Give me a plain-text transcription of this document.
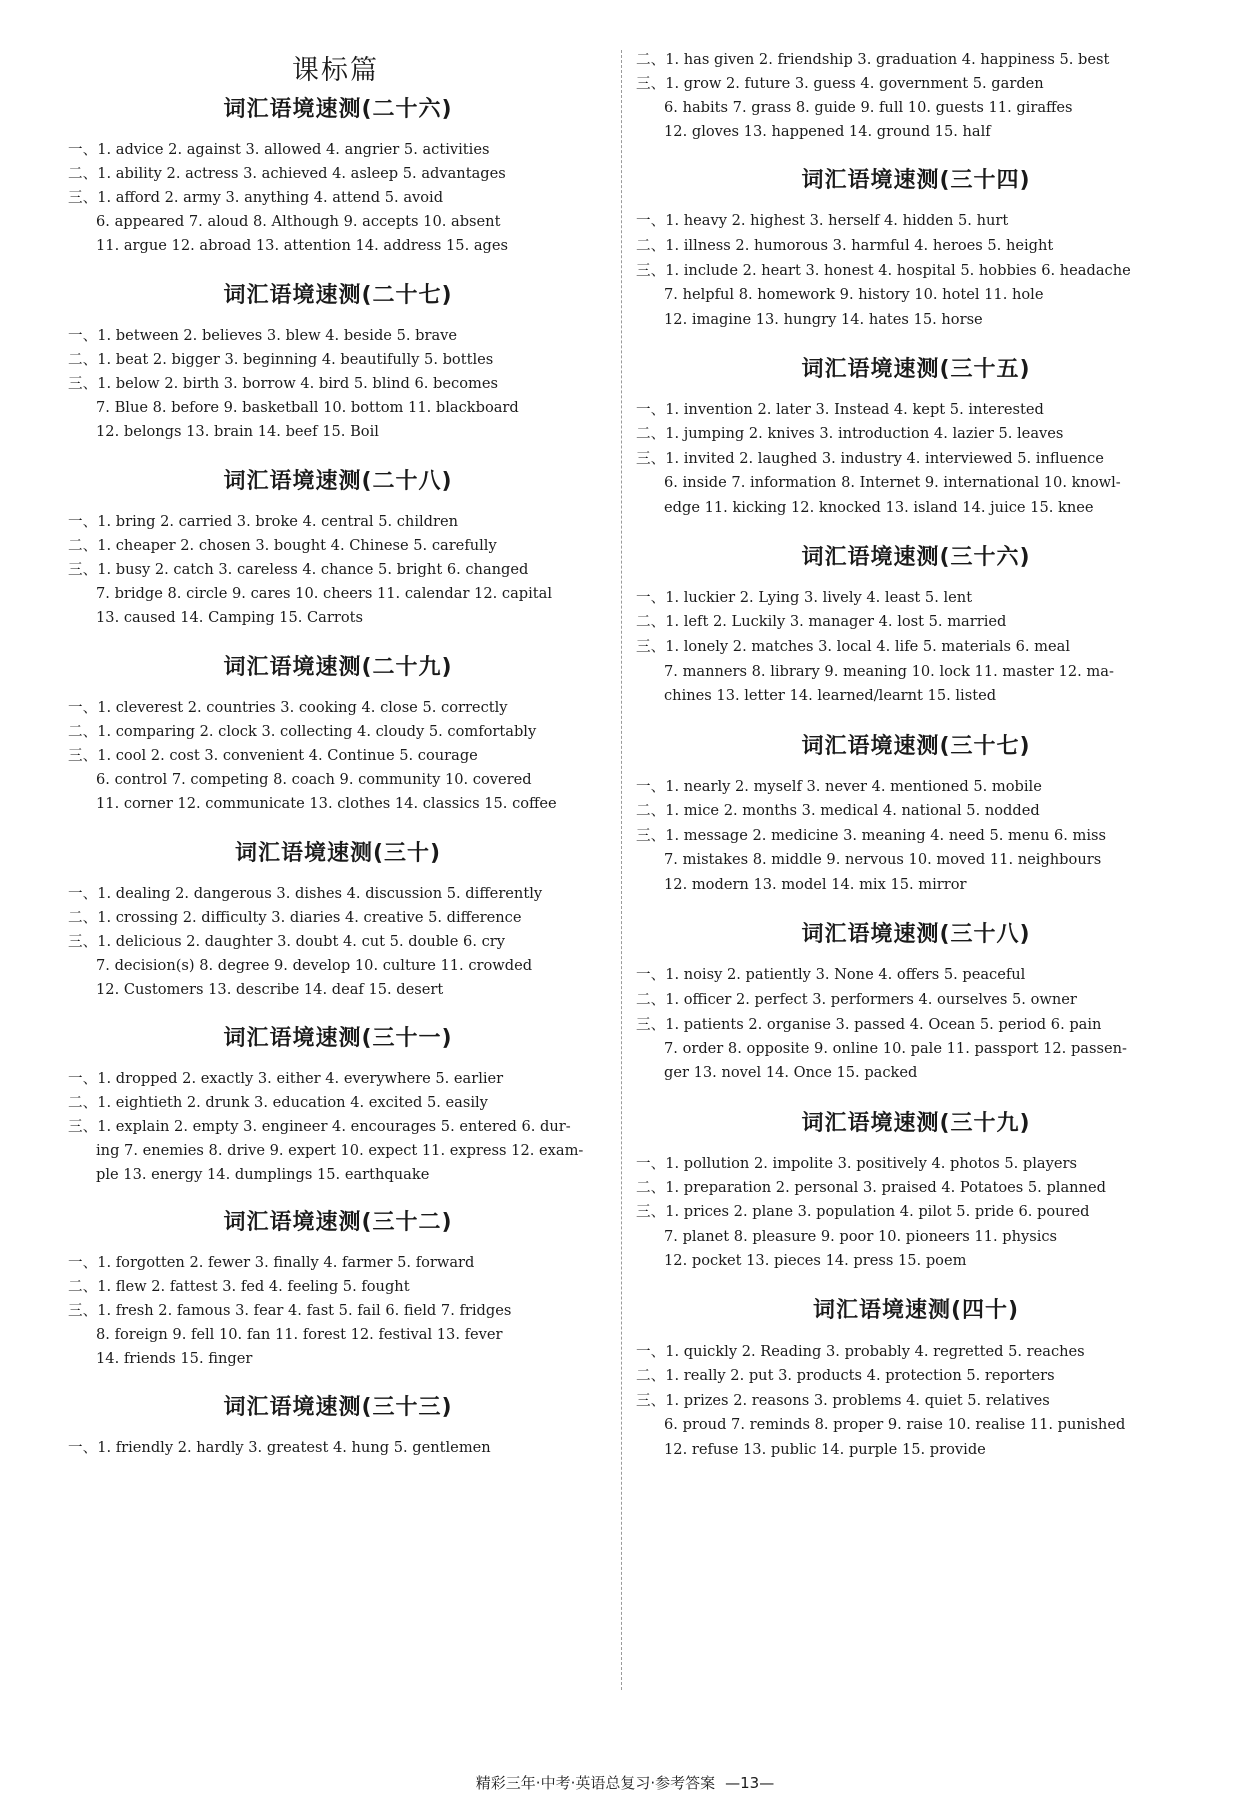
课标篇
词汇语境速测(二十六)
一、1. advice 2. against 3. allowed 4. angrier 5. activities
二、1. ability 2. actress 3. achieved 4. asleep 5. advantages
三、1. afford 2. army 3. anything 4. attend 5. avoid
6. appeared 7. aloud 8. Although 9. accepts 10. absent
11. argue 12. abroad 13. attention 14. address 15. ages
词汇语境速测(二十七)
一、1. between 2. believes 3. blew 4. beside 5. brave
二、1. beat 2. bigger 3. beginning 4. beautifully 5. bottles
三、1. below 2. birth 3. borrow 4. bird 5. blind 6. becomes
7. Blue 8. before 9. basketball 10. bottom 11. blackboard
12. belongs 13. brain 14. beef 15. Boil
词汇语境速测(二十八)
一、1. bring 2. carried 3. broke 4. central 5. children
二、1. cheaper 2. chosen 3. bought 4. Chinese 5. carefully
三、1. busy 2. catch 3. careless 4. chance 5. bright 6. changed
7. bridge 8. circle 9. cares 10. cheers 11. calendar 12. capital
13. caused 14. Camping 15. Carrots
词汇语境速测(二十九)
一、1. cleverest 2. countries 3. cooking 4. close 5. correctly
二、1. comparing 2. clock 3. collecting 4. cloudy 5. comfortably
三、1. cool 2. cost 3. convenient 4. Continue 5. courage
6. control 7. competing 8. coach 9. community 10. covered
11. corner 12. communicate 13. clothes 14. classics 15. coffee
词汇语境速测(三十)
一、1. dealing 2. dangerous 3. dishes 4. discussion 5. differently
二、1. crossing 2. difficulty 3. diaries 4. creative 5. difference
三、1. delicious 2. daughter 3. doubt 4. cut 5. double 6. cry
7. decision(s) 8. degree 9. develop 10. culture 11. crowded
12. Customers 13. describe 14. deaf 15. desert
词汇语境速测(三十一)
一、1. dropped 2. exactly 3. either 4. everywhere 5. earlier
二、1. eightieth 2. drunk 3. education 4. excited 5. easily
三、1. explain 2. empty 3. engineer 4. encourages 5. entered 6. dur-
ing 7. enemies 8. drive 9. expert 10. expect 11. express 12. exam-
ple 13. energy 14. dumplings 15. earthquake
词汇语境速测(三十二)
一、1. forgotten 2. fewer 3. finally 4. farmer 5. forward
二、1. flew 2. fattest 3. fed 4. feeling 5. fought
三、1. fresh 2. famous 3. fear 4. fast 5. fail 6. field 7. fridges
8. foreign 9. fell 10. fan 11. forest 12. festival 13. fever
14. friends 15. finger
词汇语境速测(三十三)
一、1. friendly 2. hardly 3. greatest 4. hung 5. gentlemen
二、1. has given 2. friendship 3. graduation 4. happiness 5. best
三、1. grow 2. future 3. guess 4. government 5. garden
6. habits 7. grass 8. guide 9. full 10. guests 11. giraffes
12. gloves 13. happened 14. ground 15. half
词汇语境速测(三十四)
一、1. heavy 2. highest 3. herself 4. hidden 5. hurt
二、1. illness 2. humorous 3. harmful 4. heroes 5. height
三、1. include 2. heart 3. honest 4. hospital 5. hobbies 6. headache
7. helpful 8. homework 9. history 10. hotel 11. hole
12. imagine 13. hungry 14. hates 15. horse
词汇语境速测(三十五)
一、1. invention 2. later 3. Instead 4. kept 5. interested
二、1. jumping 2. knives 3. introduction 4. lazier 5. leaves
三、1. invited 2. laughed 3. industry 4. interviewed 5. influence
6. inside 7. information 8. Internet 9. international 10. knowl-
edge 11. kicking 12. knocked 13. island 14. juice 15. knee
词汇语境速测(三十六)
一、1. luckier 2. Lying 3. lively 4. least 5. lent
二、1. left 2. Luckily 3. manager 4. lost 5. married
三、1. lonely 2. matches 3. local 4. life 5. materials 6. meal
7. manners 8. library 9. meaning 10. lock 11. master 12. ma-
chines 13. letter 14. learned/learnt 15. listed
词汇语境速测(三十七)
一、1. nearly 2. myself 3. never 4. mentioned 5. mobile
二、1. mice 2. months 3. medical 4. national 5. nodded
三、1. message 2. medicine 3. meaning 4. need 5. menu 6. miss
7. mistakes 8. middle 9. nervous 10. moved 11. neighbours
12. modern 13. model 14. mix 15. mirror
词汇语境速测(三十八)
一、1. noisy 2. patiently 3. None 4. offers 5. peaceful
二、1. officer 2. perfect 3. performers 4. ourselves 5. owner
三、1. patients 2. organise 3. passed 4. Ocean 5. period 6. pain
7. order 8. opposite 9. online 10. pale 11. passport 12. passen-
ger 13. novel 14. Once 15. packed
词汇语境速测(三十九)
一、1. pollution 2. impolite 3. positively 4. photos 5. players
二、1. preparation 2. personal 3. praised 4. Potatoes 5. planned
三、1. prices 2. plane 3. population 4. pilot 5. pride 6. poured
7. planet 8. pleasure 9. poor 10. pioneers 11. physics
12. pocket 13. pieces 14. press 15. poem
词汇语境速测(四十)
一、1. quickly 2. Reading 3. probably 4. regretted 5. reaches
二、1. really 2. put 3. products 4. protection 5. reporters
三、1. prizes 2. reasons 3. problems 4. quiet 5. relatives
6. proud 7. reminds 8. proper 9. raise 10. realise 11. punished
12. refuse 13. public 14. purple 15. provide
精彩三年·中考·英语总复习·参考答案 —13—
